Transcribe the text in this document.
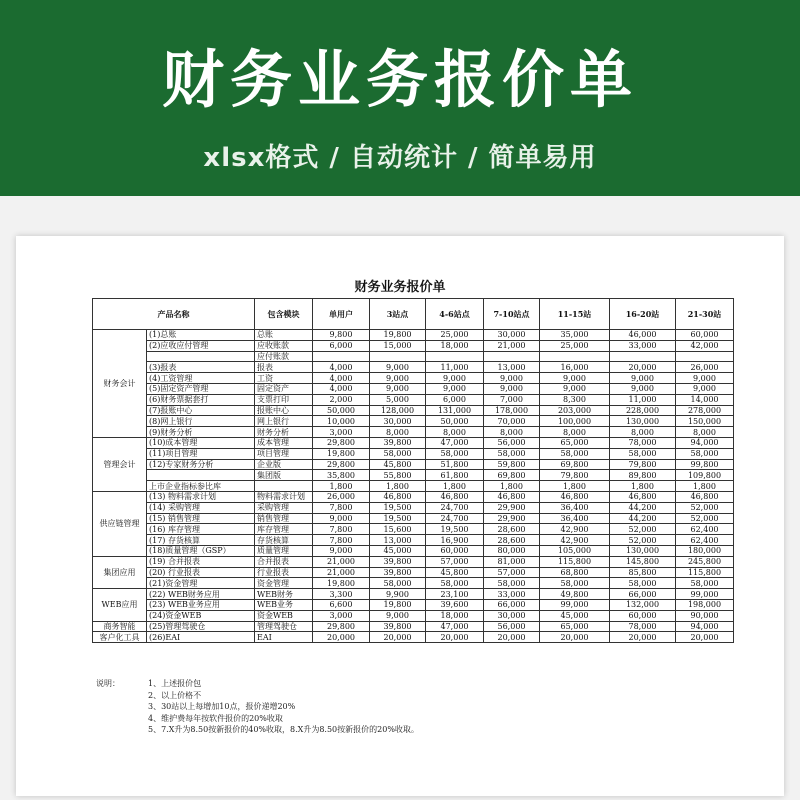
财务业务报价单
xlsx格式 / 自动统计 / 简单易用
财务业务报价单
产品名称		包含模块	单用户	3站点	4-6站点	7-10站点	11-15站	16-20站	21-30站
财务会计	(1)总账	总账	9,800	19,800	25,000	30,000	35,000	46,000	60,000
	(2)应收应付管理	应收账款	6,000	15,000	18,000	21,000	25,000	33,000	42,000
		应付账款							
	(3)报表	报表	4,000	9,000	11,000	13,000	16,000	20,000	26,000
	(4)工资管理	工资	4,000	9,000	9,000	9,000	9,000	9,000	9,000
	(5)固定资产管理	固定资产	4,000	9,000	9,000	9,000	9,000	9,000	9,000
	(6)财务票据套打	支票打印	2,000	5,000	6,000	7,000	8,300	11,000	14,000
	(7)报账中心	报账中心	50,000	128,000	131,000	178,000	203,000	228,000	278,000
	(8)网上银行	网上银行	10,000	30,000	50,000	70,000	100,000	130,000	150,000
	(9)财务分析	财务分析	3,000	8,000	8,000	8,000	8,000	8,000	8,000
管理会计	(10)成本管理	成本管理	29,800	39,800	47,000	56,000	65,000	78,000	94,000
	(11)项目管理	项目管理	19,800	58,000	58,000	58,000	58,000	58,000	58,000
	(12)专家财务分析	企业版	29,800	45,800	51,800	59,800	69,800	79,800	99,800
		集团版	35,800	55,800	61,800	69,800	79,800	89,800	109,800
	上市企业指标参比库		1,800	1,800	1,800	1,800	1,800	1,800	1,800
供应链管理	(13) 物料需求计划	物料需求计划	26,000	46,800	46,800	46,800	46,800	46,800	46,800
	(14) 采购管理	采购管理	7,800	19,500	24,700	29,900	36,400	44,200	52,000
	(15) 销售管理	销售管理	9,000	19,500	24,700	29,900	36,400	44,200	52,000
	(16) 库存管理	库存管理	7,800	15,600	19,500	28,600	42,900	52,000	62,400
	(17) 存货核算	存货核算	7,800	13,000	16,900	28,600	42,900	52,000	62,400
	(18)质量管理（GSP）	质量管理	9,000	45,000	60,000	80,000	105,000	130,000	180,000
集团应用	(19) 合并报表	合并报表	21,000	39,800	57,000	81,000	115,800	145,800	245,800
	(20) 行业报表	行业报表	21,000	39,800	45,800	57,000	68,800	85,800	115,800
	(21)资金管理	资金管理	19,800	58,000	58,000	58,000	58,000	58,000	58,000
WEB应用	(22) WEB财务应用	WEB财务	3,300	9,900	23,100	33,000	49,800	66,000	99,000
	(23) WEB业务应用	WEB业务	6,600	19,800	39,600	66,000	99,000	132,000	198,000
	(24)资金WEB	资金WEB	3,000	9,000	18,000	30,000	45,000	60,000	90,000
商务智能	(25)管理驾驶仓	管理驾驶仓	29,800	39,800	47,000	56,000	65,000	78,000	94,000
客户化工具	(26)EAI	EAI	20,000	20,000	20,000	20,000	20,000	20,000	20,000
说明：	1、上述报价包
2、以上价格不
3、30站以上每增加10点，报价递增20%
4、维护费每年按软件报价的20%收取
5、7.X升为8.50按新报价的40%收取，8.X升为8.50按新报价的20%收取。
